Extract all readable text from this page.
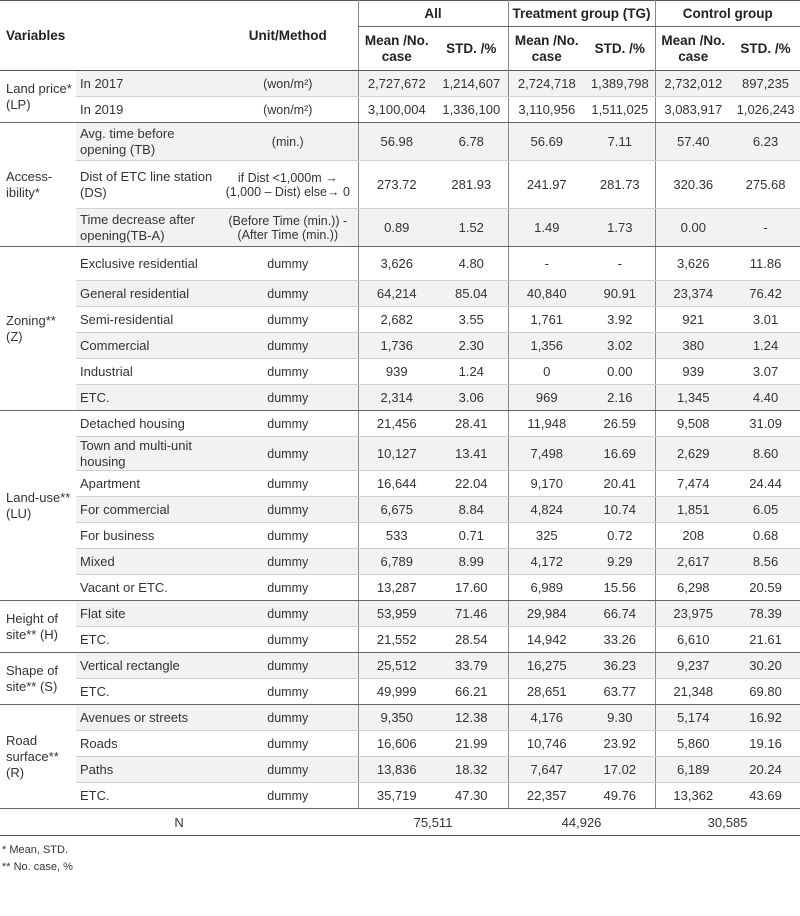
Variables		Unit/Method	All		Treatment group (TG)		Control group	
			Mean /No. case	STD. /%	Mean /No. case	STD. /%	Mean /No. case	STD. /%
Land price* (LP)	In 2017	(won/m²)	2,727,672	1,214,607	2,724,718	1,389,798	2,732,012	897,235
	In 2019	(won/m²)	3,100,004	1,336,100	3,110,956	1,511,025	3,083,917	1,026,243
Access-ibility*	Avg. time before opening (TB)	(min.)	56.98	6.78	56.69	7.11	57.40	6.23
	Dist of ETC line station (DS)	if Dist <1,000m → (1,000 – Dist) else→ 0	273.72	281.93	241.97	281.73	320.36	275.68
	Time decrease after opening(TB-A)	(Before Time (min.)) - (After Time (min.))	0.89	1.52	1.49	1.73	0.00	-
Zoning** (Z)	Exclusive residential	dummy	3,626	4.80	-	-	3,626	11.86
	General residential	dummy	64,214	85.04	40,840	90.91	23,374	76.42
	Semi-residential	dummy	2,682	3.55	1,761	3.92	921	3.01
	Commercial	dummy	1,736	2.30	1,356	3.02	380	1.24
	Industrial	dummy	939	1.24	0	0.00	939	3.07
	ETC.	dummy	2,314	3.06	969	2.16	1,345	4.40
Land-use** (LU)	Detached housing	dummy	21,456	28.41	11,948	26.59	9,508	31.09
	Town and multi-unit housing	dummy	10,127	13.41	7,498	16.69	2,629	8.60
	Apartment	dummy	16,644	22.04	9,170	20.41	7,474	24.44
	For commercial	dummy	6,675	8.84	4,824	10.74	1,851	6.05
	For business	dummy	533	0.71	325	0.72	208	0.68
	Mixed	dummy	6,789	8.99	4,172	9.29	2,617	8.56
	Vacant or ETC.	dummy	13,287	17.60	6,989	15.56	6,298	20.59
Height of site** (H)	Flat site	dummy	53,959	71.46	29,984	66.74	23,975	78.39
	ETC.	dummy	21,552	28.54	14,942	33.26	6,610	21.61
Shape of site** (S)	Vertical rectangle	dummy	25,512	33.79	16,275	36.23	9,237	30.20
	ETC.	dummy	49,999	66.21	28,651	63.77	21,348	69.80
Road surface** (R)	Avenues or streets	dummy	9,350	12.38	4,176	9.30	5,174	16.92
	Roads	dummy	16,606	21.99	10,746	23.92	5,860	19.16
	Paths	dummy	13,836	18.32	7,647	17.02	6,189	20.24
	ETC.	dummy	35,719	47.30	22,357	49.76	13,362	43.69
N			75,511		44,926		30,585	
* Mean, STD.
** No. case, %
